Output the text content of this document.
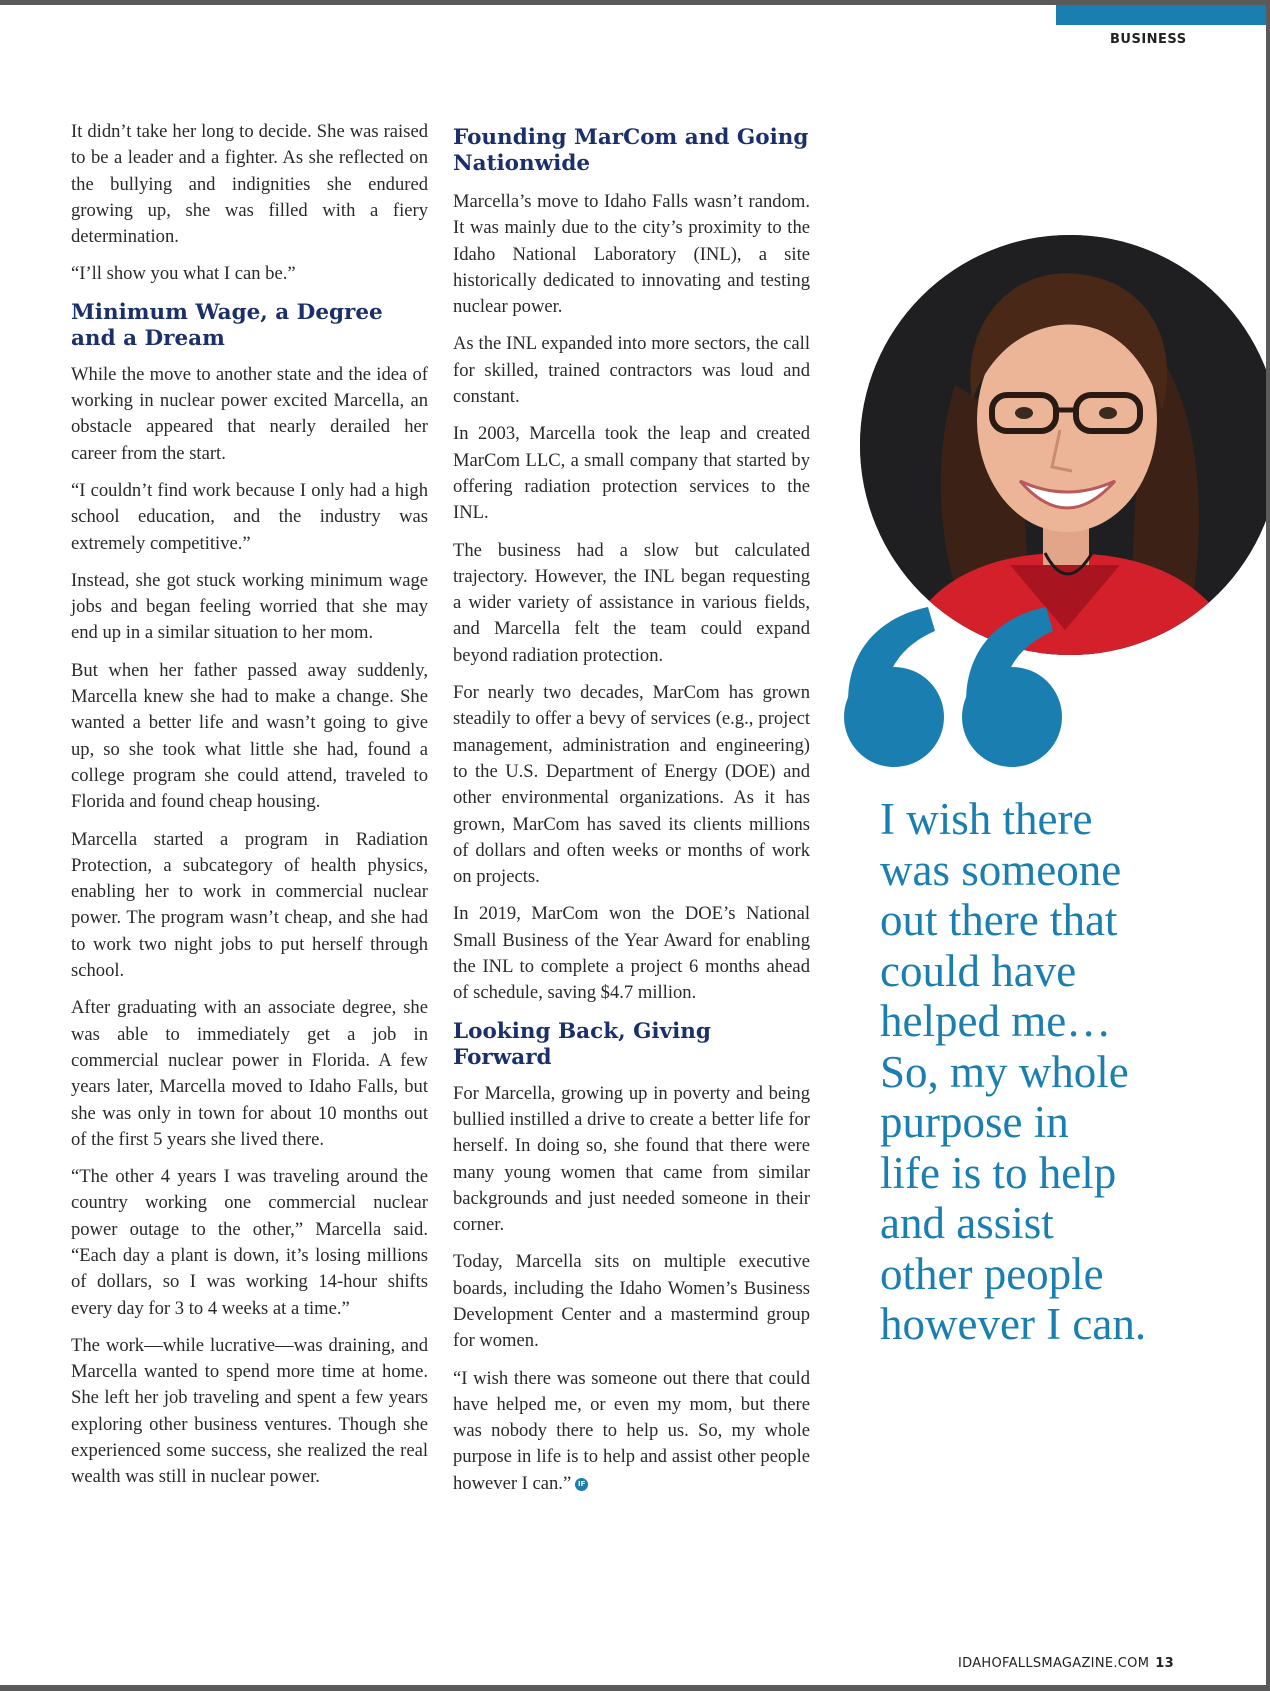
BUSINESS

It didn’t take her long to decide. She was raised to be a leader and a fighter. As she reflected on the bullying and indignities she endured growing up, she was filled with a fiery determination.

“I’ll show you what I can be.”

Minimum Wage, a Degree and a Dream

While the move to another state and the idea of working in nuclear power excited Marcella, an obstacle appeared that nearly derailed her career from the start.

“I couldn’t find work because I only had a high school education, and the industry was extremely competitive.”

Instead, she got stuck working minimum wage jobs and began feeling worried that she may end up in a similar situation to her mom.

But when her father passed away suddenly, Marcella knew she had to make a change. She wanted a better life and wasn’t going to give up, so she took what little she had, found a college program she could attend, traveled to Florida and found cheap housing.

Marcella started a program in Radiation Protection, a subcategory of health physics, enabling her to work in commercial nuclear power. The program wasn’t cheap, and she had to work two night jobs to put herself through school.

After graduating with an associate degree, she was able to immediately get a job in commercial nuclear power in Florida. A few years later, Marcella moved to Idaho Falls, but she was only in town for about 10 months out of the first 5 years she lived there.

“The other 4 years I was traveling around the country working one commercial nuclear power outage to the other,” Marcella said. “Each day a plant is down, it’s losing millions of dollars, so I was working 14-hour shifts every day for 3 to 4 weeks at a time.”

The work—while lucrative—was draining, and Marcella wanted to spend more time at home. She left her job traveling and spent a few years exploring other business ventures. Though she experienced some success, she realized the real wealth was still in nuclear power.

Founding MarCom and Going Nationwide

Marcella’s move to Idaho Falls wasn’t random. It was mainly due to the city’s proximity to the Idaho National Laboratory (INL), a site historically dedicated to innovating and testing nuclear power.

As the INL expanded into more sectors, the call for skilled, trained contractors was loud and constant.

In 2003, Marcella took the leap and created MarCom LLC, a small company that started by offering radiation protection services to the INL.

The business had a slow but calculated trajectory. However, the INL began requesting a wider variety of assistance in various fields, and Marcella felt the team could expand beyond radiation protection.

For nearly two decades, MarCom has grown steadily to offer a bevy of services (e.g., project management, administration and engineering) to the U.S. Department of Energy (DOE) and other environmental organizations. As it has grown, MarCom has saved its clients millions of dollars and often weeks or months of work on projects.

In 2019, MarCom won the DOE’s National Small Business of the Year Award for enabling the INL to complete a project 6 months ahead of schedule, saving $4.7 million.

Looking Back, Giving Forward

For Marcella, growing up in poverty and being bullied instilled a drive to create a better life for herself. In doing so, she found that there were many young women that came from similar backgrounds and just needed someone in their corner.

Today, Marcella sits on multiple executive boards, including the Idaho Women’s Business Development Center and a mastermind group for women.

“I wish there was someone out there that could have helped me, or even my mom, but there was nobody there to help us. So, my whole purpose in life is to help and assist other people however I can.” IF

I wish there
was someone
out there that
could have
helped me…
So, my whole
purpose in
life is to help
and assist
other people
however I can.
IDAHOFALLSMAGAZINE.COM 13
